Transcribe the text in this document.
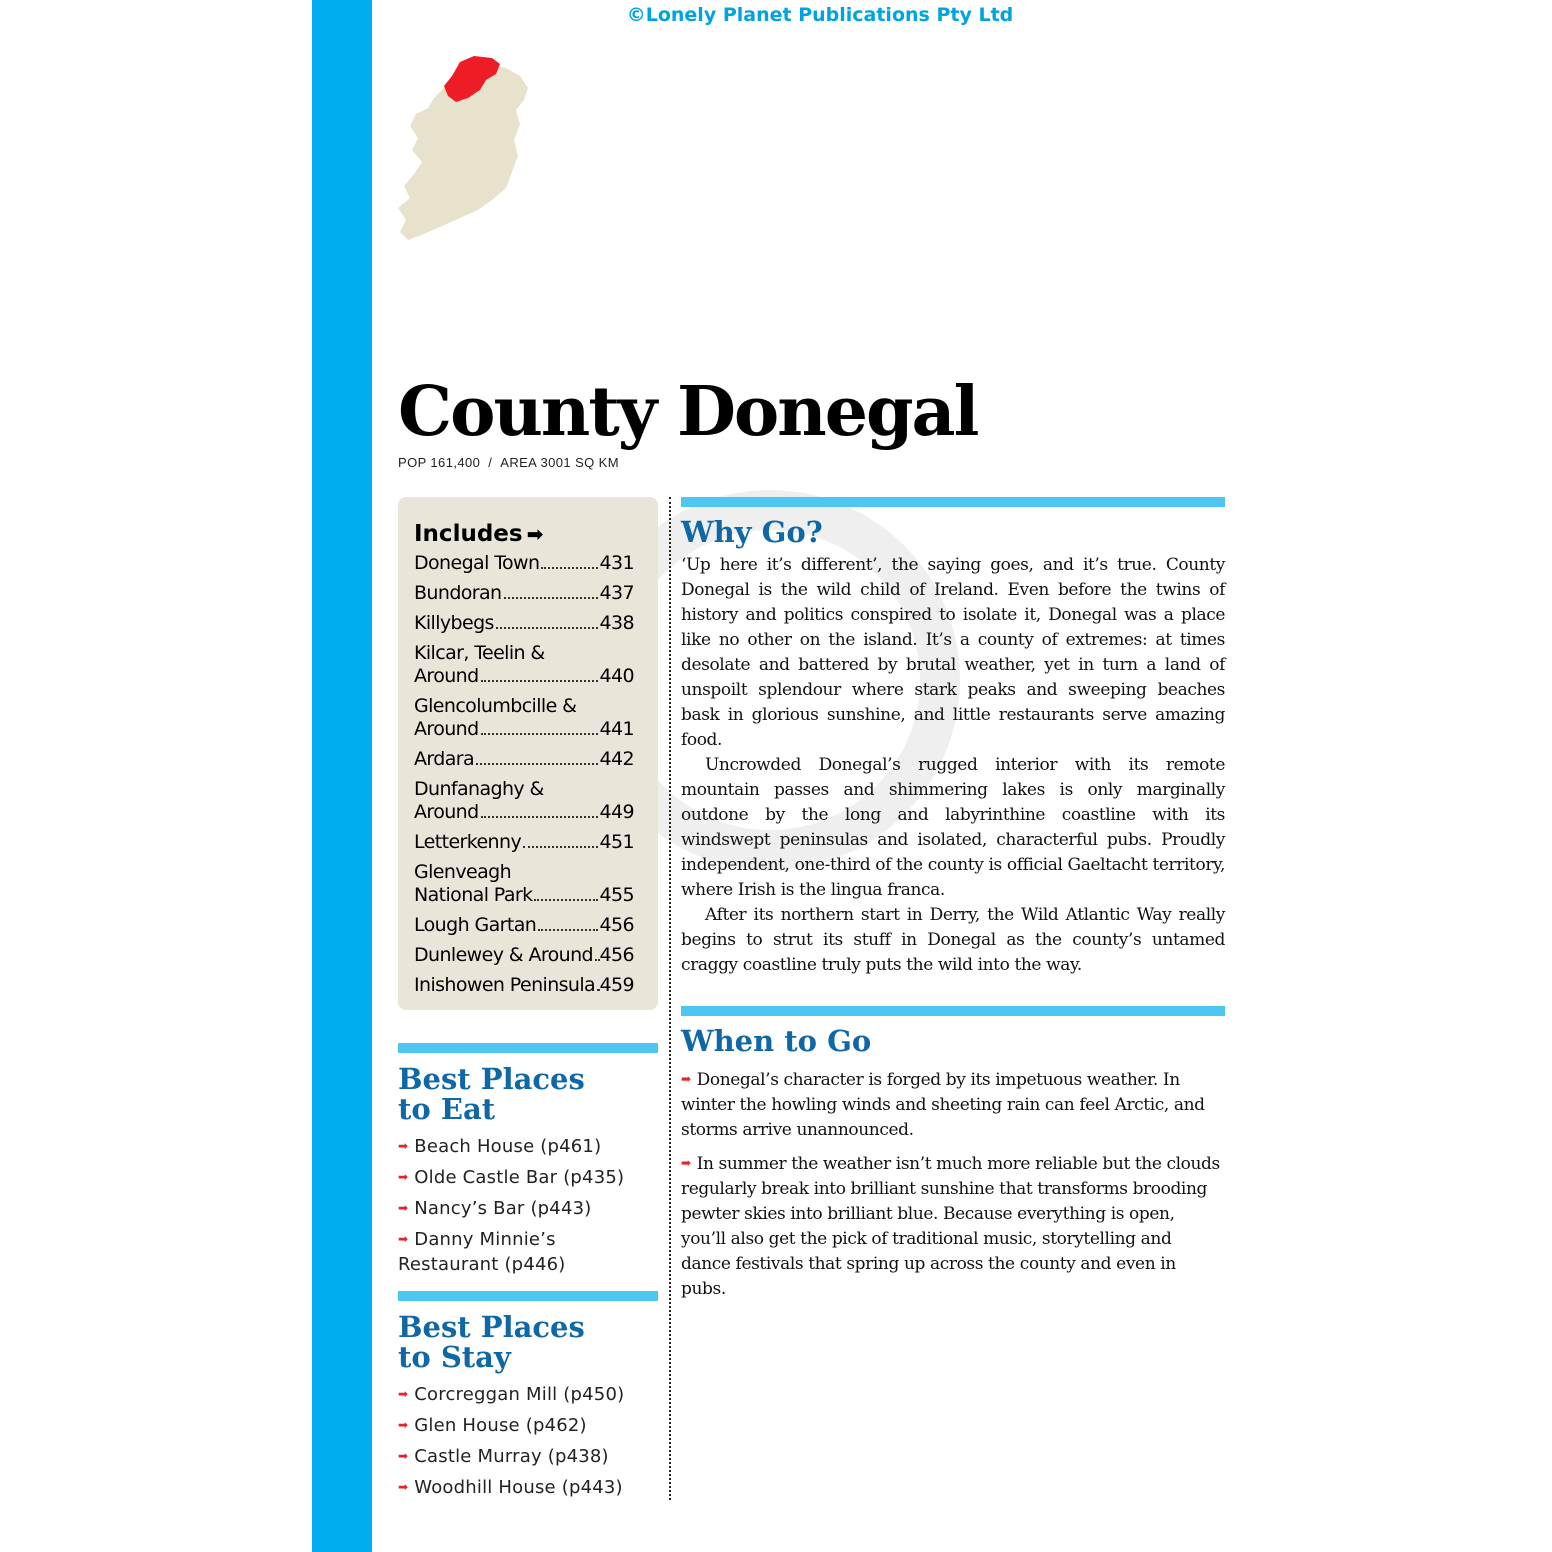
©Lonely Planet Publications Pty Ltd
County Donegal
POP 161,400 / AREA 3001 SQ KM
Includes ➡
Donegal Town	431
Bundoran	437
Killybegs	438
Kilcar, Teelin &
Around	440
Glencolumbcille &
Around	441
Ardara	442
Dunfanaghy &
Around	449
Letterkenny	451
Glenveagh
National Park	455
Lough Gartan	456
Dunlewey & Around 456
Inishowen Peninsula 459
Why Go?

‘Up here it’s different’, the saying goes, and it’s true. County Donegal is the wild child of Ireland. Even before the twins of history and politics conspired to isolate it, Donegal was a place like no other on the island. It’s a county of extremes: at times desolate and battered by brutal weather, yet in turn a land of unspoilt splendour where stark peaks and sweeping beaches bask in glorious sunshine, and little restaurants serve amazing food.

Uncrowded Donegal’s rugged interior with its remote mountain passes and shimmering lakes is only marginally outdone by the long and labyrinthine coastline with its windswept peninsulas and isolated, characterful pubs. Proudly independent, one-third of the county is official Gaeltacht territory, where Irish is the lingua franca.

After its northern start in Derry, the Wild Atlantic Way really begins to strut its stuff in Donegal as the county’s untamed craggy coastline truly puts the wild into the way.

When to Go

➡ Donegal’s character is forged by its impetuous weather. In winter the howling winds and sheeting rain can feel Arctic, and storms arrive unannounced.

➡ In summer the weather isn’t much more reliable but the clouds regularly break into brilliant sunshine that transforms brooding pewter skies into brilliant blue. Because everything is open, you’ll also get the pick of traditional music, storytelling and dance festivals that spring up across the county and even in pubs.

Best Places
to Eat
➡ Beach House (p461)
➡ Olde Castle Bar (p435)
➡ Nancy’s Bar (p443)
➡ Danny Minnie’s Restaurant (p446)
Best Places
to Stay
➡ Corcreggan Mill (p450)
➡ Glen House (p462)
➡ Castle Murray (p438)
➡ Woodhill House (p443)
